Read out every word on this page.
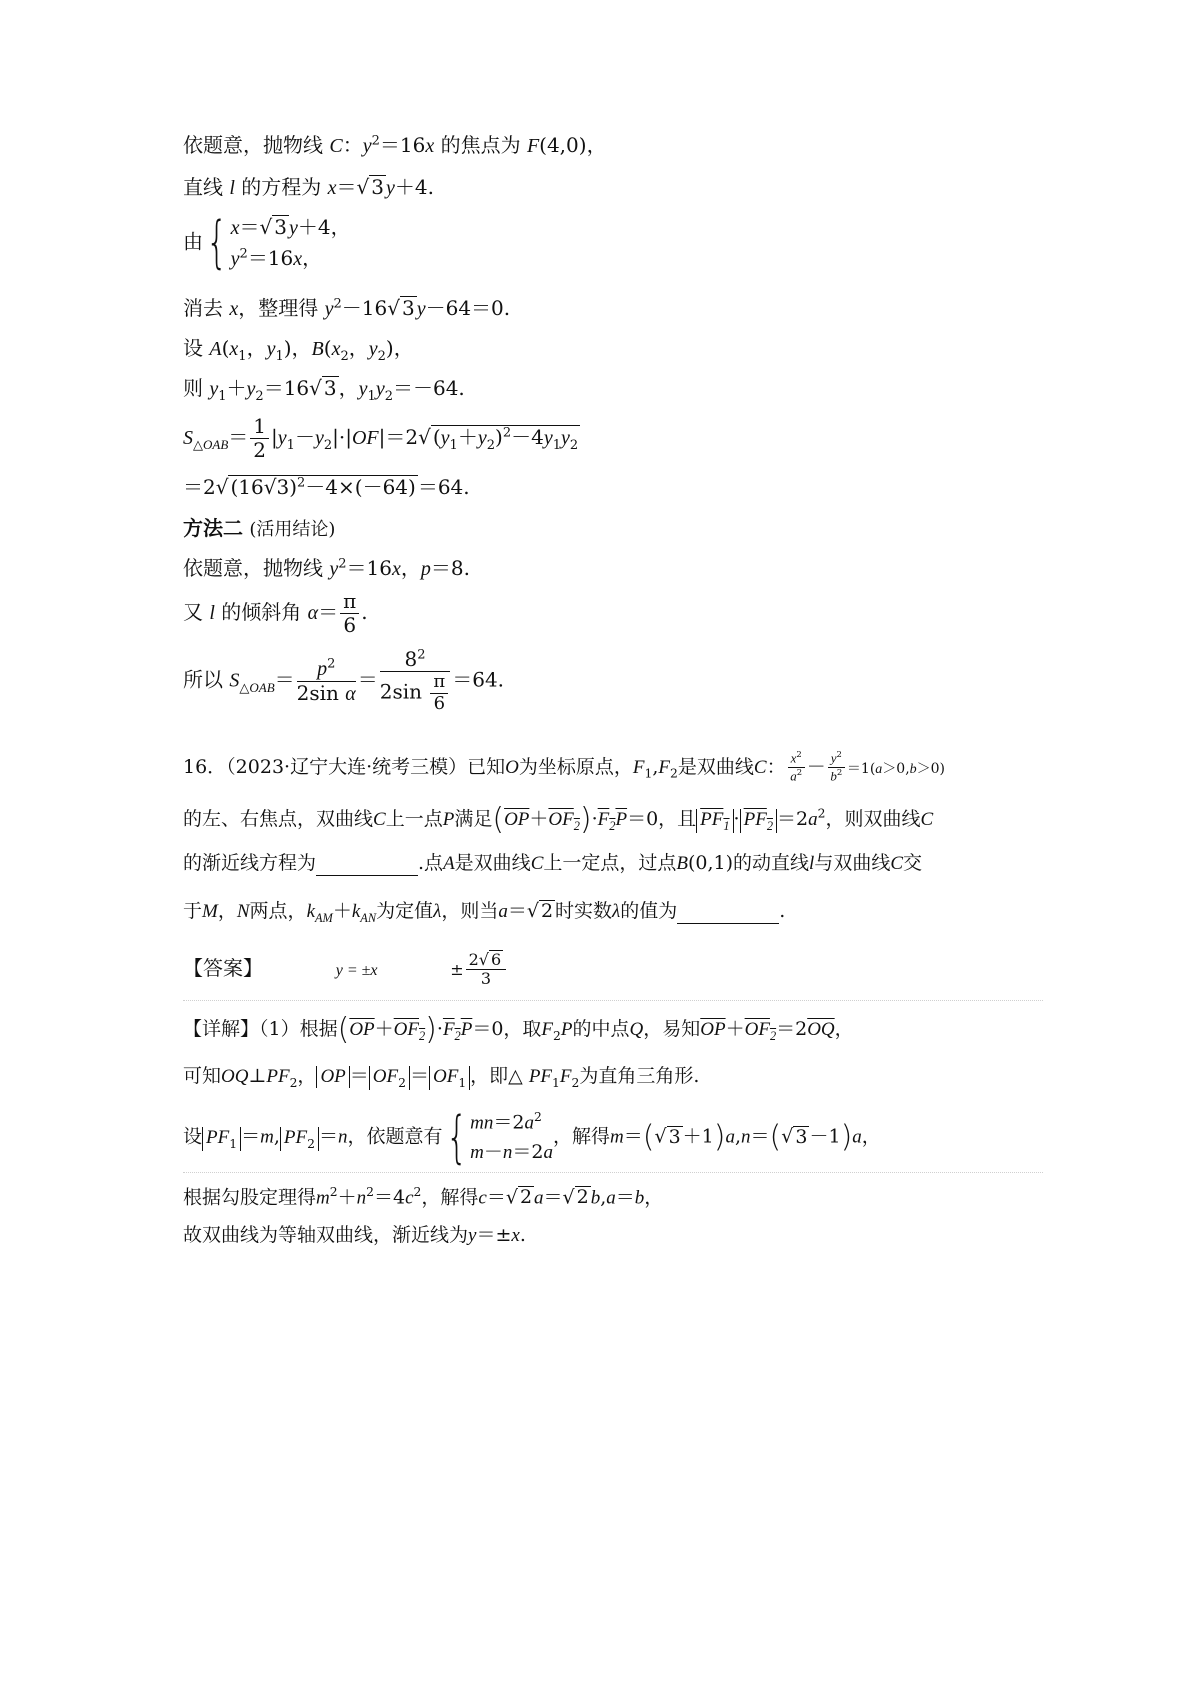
依题意，抛物线 C：$y^2=16x$ 的焦点为 F(4,0)，
直线 l 的方程为 x＝√ 3 y＋4.
由{ x＝√ 3 y＋4，
$y^2=16x$，
消去 x，整理得 $y^2-16√$ 3 y－64＝0.
设 $A(x_1$，$y_1$)，$B(x_2$，$y_2$)，
则 $y_1+y_2=16√$ 3 ，$y_1y_2=-64$.
$S_{\triangle OAB}= \frac{1}{2} |y_1-y_2|\cdot|OF|=2√$ $(y_1+y_2)^2-4y_1y_2$
＝2√ $(16√3)^2-4\times(-64) =64$.
方法二 (活用结论)
依题意，抛物线 $y^2=16x$，p＝8.
又 l 的倾斜角 $\alpha= \frac{\pi}{6}$ .
所以 $S_{\triangle OAB}= \frac{p^2}{\text{2sin α}} = \frac{8^2}{2\sin \frac{\pi}{6}} =64$.
16．（2023·辽宁大连·统考三模）已知O为坐标原点，$F_1,F_2$是双曲线C： $\frac{x^2}{a^2} - \frac{y^2}{b^2} =1(a>0,b>0)$
的左、右焦点，双曲线C上一点P满足$(\overline{OP}+OF_2)\cdot F_2P=0$，且 $PF_1 \cdot PF_2 =2a^2$，则双曲线C
的渐近线方程为	.点A是双曲线C上一定点，过点B(0,1)的动直线l与双曲线C交
于M，N两点，$k_{AM}+k_{AN}$为定值λ，则当a＝√ 2 时实数λ的值为	.
【答案】	y = ±x	± $\frac{2√ 6}{3}$
【详解】（1）根据$(\overline{OP}+OF_2)\cdot F_2P=0$，取$F_2P$的中点Q，易知$\overline{OP}+OF_2=2\overline{OQ}$，
可知$OQ\perp PF_2$， OP ＝ $OF_2 = OF_1$ ，即△ $PF_1F_2$为直角三角形.
设 $PF_1 =m$, $PF_2 =n$，依题意有{ $mn=2a^2$
m－n＝2a
，解得m＝(√ 3 ＋1)a,n＝(√ 3 －1)a，
根据勾股定理得$m^2+n^2=4c^2$，解得c＝√ 2 a＝√ 2 b,a＝b，
故双曲线为等轴双曲线，渐近线为y＝±x.
